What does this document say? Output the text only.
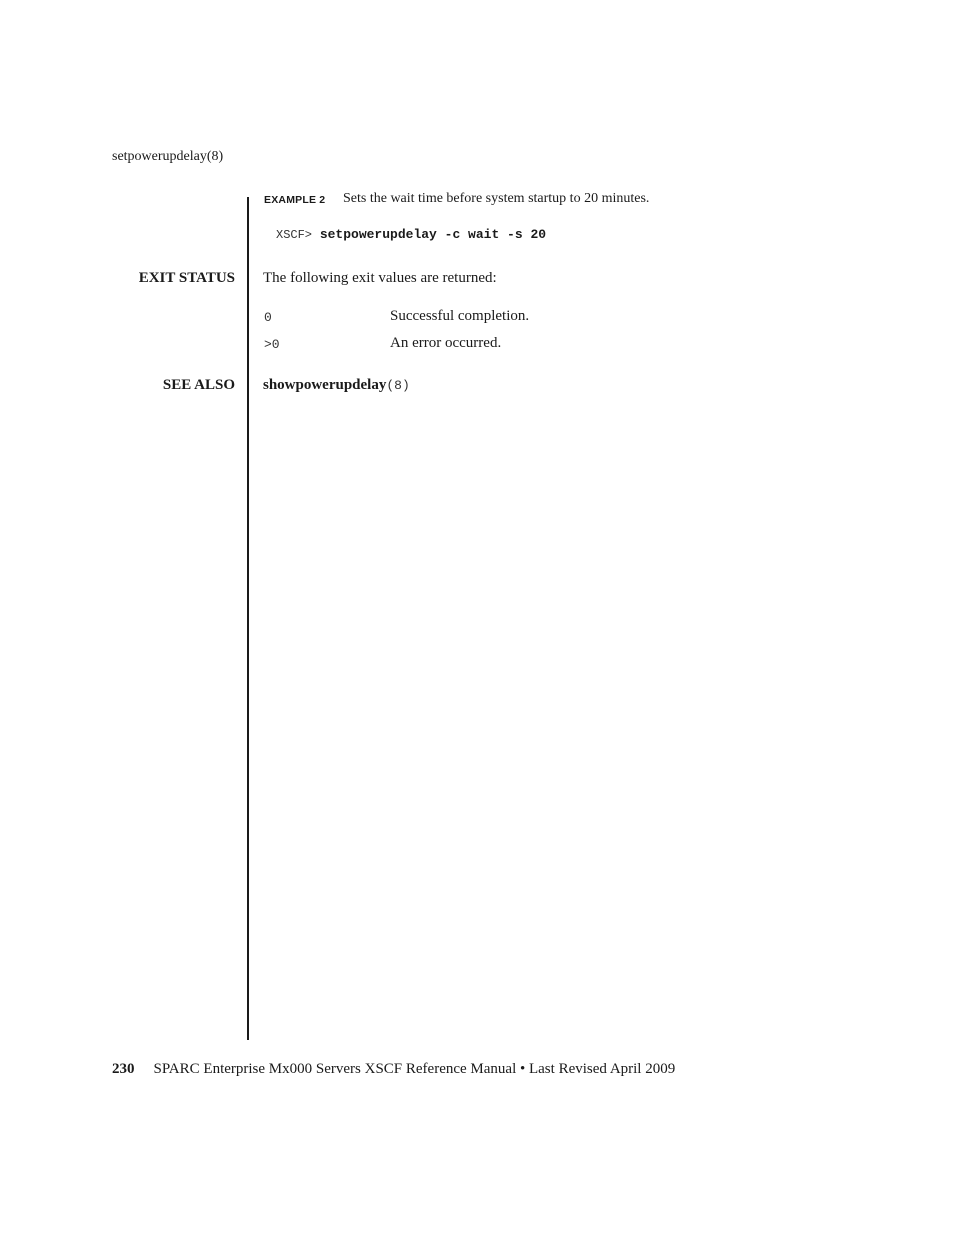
setpowerupdelay(8)
EXAMPLE 2 Sets the wait time before system startup to 20 minutes.
XSCF> setpowerupdelay -c wait -s 20
EXIT STATUS The following exit values are returned:
0	Successful completion.
>0	An error occurred.
SEE ALSO showpowerupdelay(8)
230 SPARC Enterprise Mx000 Servers XSCF Reference Manual • Last Revised April 2009
